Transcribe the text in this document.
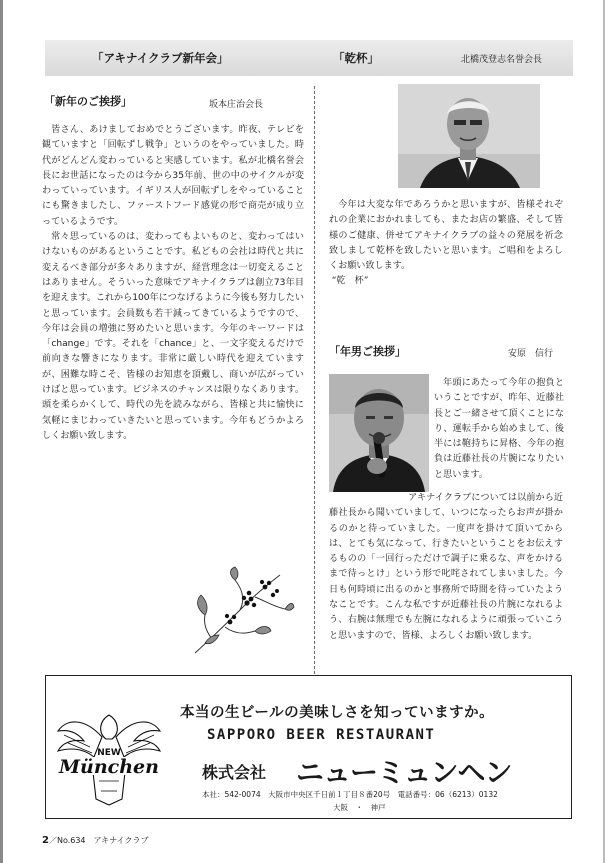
「アキナイクラブ新年会」	「乾杯」	北橋茂登志名誉会長
「新年のご挨拶」	坂本庄治会長

皆さん、あけましておめでとうございます。昨夜、テレビを観ていますと「回転ずし戦争」というのをやっていました。時代がどんどん変わっていると実感しています。私が北橋名誉会長にお世話になったのは今から35年前、世の中のサイクルが変わっていっています。イギリス人が回転ずしをやっていることにも驚きましたし、ファーストフード感覚の形で商売が成り立っているようです。

常々思っているのは、変わってもよいものと、変わってはいけないものがあるということです。私どもの会社は時代と共に変えるべき部分が多々ありますが、経営理念は一切変えることはありません。そういった意味でアキナイクラブは創立73年目を迎えます。これから100年につなげるように今後も努力したいと思っています。会員数も若干減ってきているようですので、今年は会員の増強に努めたいと思います。今年のキーワードは「change」です。それを「chance」と、一文字変えるだけで前向きな響きになります。非常に厳しい時代を迎えていますが、困難な時こそ、皆様のお知恵を頂戴し、商いが広がっていけばと思っています。ビジネスのチャンスは限りなくあります。頭を柔らかくして、時代の先を読みながら、皆様と共に愉快に気軽にまじわっていきたいと思っています。今年もどうかよろしくお願い致します。

今年は大変な年であろうかと思いますが、皆様それぞれの企業におかれましても、またお店の繁盛、そして皆様のご健康、併せてアキナイクラブの益々の発展を祈念致しまして乾杯を致したいと思います。ご唱和をよろしくお願い致します。

“乾　杯”

「年男ご挨拶」	安原　信行

年頭にあたって今年の抱負ということですが、昨年、近藤社長とご一緒させて頂くことになり、運転手から始めまして、後半には鞄持ちに昇格、今年の抱負は近藤社長の片腕になりたいと思います。

アキナイクラブについては以前から近藤社長から聞いていまして、いつになったらお声が掛かるのかと待っていました。一度声を掛けて頂いてからは、とても気になって、行きたいということをお伝えするものの「一回行っただけで調子に乗るな、声をかけるまで待っとけ」という形で叱咤されてしまいました。今日も何時頃に出るのかと事務所で時間を待っていたようなことです。こんな私ですが近藤社長の片腕になれるよう、右腕は無理でも左腕になれるように頑張っていこうと思いますので、皆様、よろしくお願い致します。

NEW
München
本当の生ビールの美味しさを知っていますか。
SAPPORO BEER RESTAURANT
株式会社 ニューミュンヘン
本社：542-0074　大阪市中央区千日前１丁目８番20号　電話番号：06（6213）0132
大阪　・　神戸
2／No.634　アキナイクラブ
